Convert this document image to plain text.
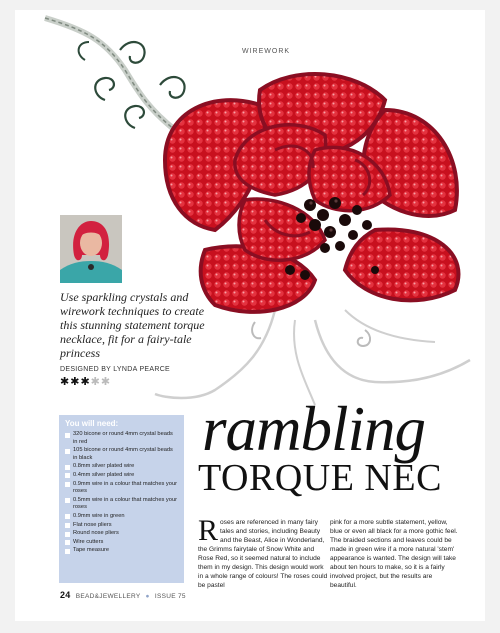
WIREWORK
Use sparkling crystals and wirework techniques to create this stunning statement torque necklace, fit for a fairy-tale princess
DESIGNED BY LYNDA PEARCE
✱✱✱✱✱
You will need:
320 bicone or round 4mm crystal beads in red
105 bicone or round 4mm crystal beads in black
0.8mm silver plated wire
0.4mm silver plated wire
0.9mm wire in a colour that matches your roses
0.5mm wire in a colour that matches your roses
0.9mm wire in green
Flat nose pliers
Round nose pliers
Wire cutters
Tape measure
rambling
TORQUE NEC
Roses are referenced in many fairy tales and stories, including Beauty and the Beast, Alice in Wonderland, the Grimms fairytale of Snow White and Rose Red, so it seemed natural to include them in my design. This design would work in a whole range of colours! The roses could be pastel
pink for a more subtle statement, yellow, blue or even all black for a more gothic feel. The braided sections and leaves could be made in green wire if a more natural 'stem' appearance is wanted. The design will take about ten hours to make, so it is a fairly involved project, but the results are beautiful.
24 BEAD&JEWELLERY ● ISSUE 75
